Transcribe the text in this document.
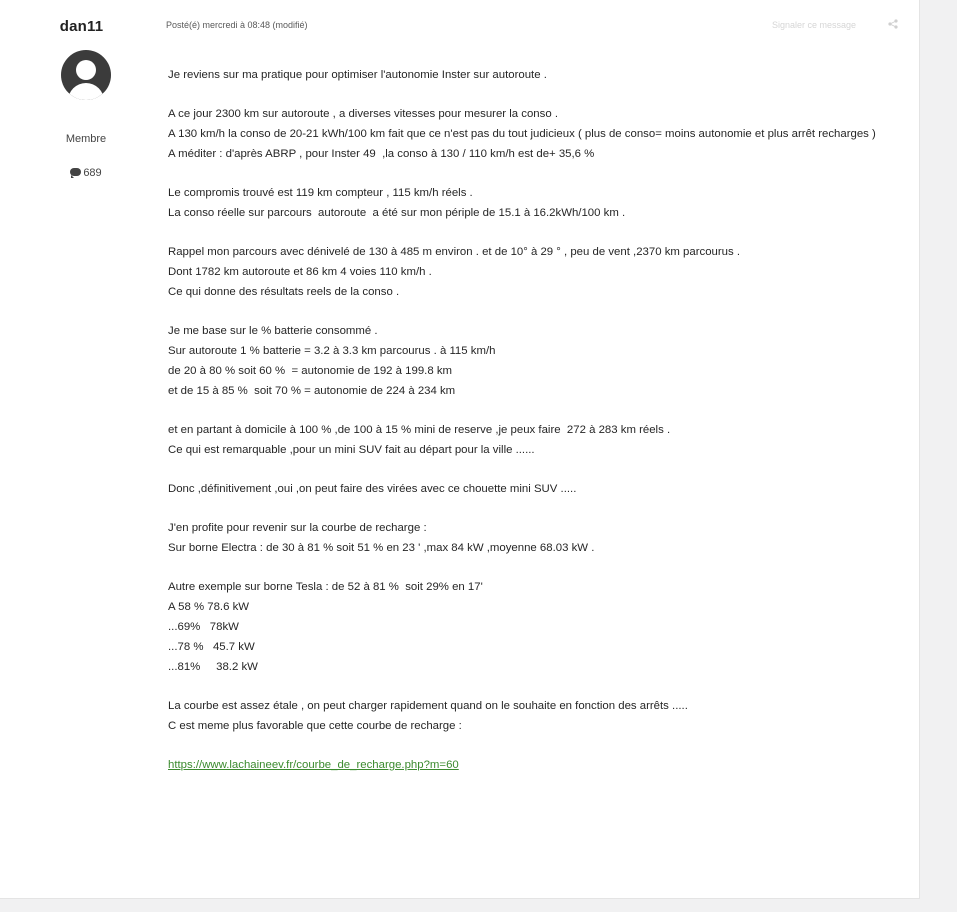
dan11
Membre
689
Posté(é) mercredi à 08:48 (modifié)	Signaler ce message

Je reviens sur ma pratique pour optimiser l'autonomie Inster sur autoroute .

A ce jour 2300 km sur autoroute , a diverses vitesses pour mesurer la conso .

A 130 km/h la conso de 20-21 kWh/100 km fait que ce n'est pas du tout judicieux ( plus de conso= moins autonomie et plus arrêt recharges )

A méditer : d'après ABRP , pour Inster 49  ,la conso à 130 / 110 km/h est de+ 35,6 %

Le compromis trouvé est 119 km compteur , 115 km/h réels .

La conso réelle sur parcours  autoroute  a été sur mon périple de 15.1 à 16.2kWh/100 km .

Rappel mon parcours avec dénivelé de 130 à 485 m environ . et de 10° à 29 ° , peu de vent ,2370 km parcourus .

Dont 1782 km autoroute et 86 km 4 voies 110 km/h .

Ce qui donne des résultats reels de la conso .

Je me base sur le % batterie consommé .

Sur autoroute 1 % batterie = 3.2 à 3.3 km parcourus . à 115 km/h

de 20 à 80 % soit 60 %  = autonomie de 192 à 199.8 km

et de 15 à 85 %  soit 70 % = autonomie de 224 à 234 km

et en partant à domicile à 100 % ,de 100 à 15 % mini de reserve ,je peux faire  272 à 283 km réels .

Ce qui est remarquable ,pour un mini SUV fait au départ pour la ville ......

Donc ,définitivement ,oui ,on peut faire des virées avec ce chouette mini SUV .....

J'en profite pour revenir sur la courbe de recharge :

Sur borne Electra : de 30 à 81 % soit 51 % en 23 ' ,max 84 kW ,moyenne 68.03 kW .

Autre exemple sur borne Tesla : de 52 à 81 %  soit 29% en 17'

A 58 % 78.6 kW

...69%   78kW

...78 %   45.7 kW

...81%     38.2 kW

La courbe est assez étale , on peut charger rapidement quand on le souhaite en fonction des arrêts .....

C est meme plus favorable que cette courbe de recharge :

https://www.lachaineev.fr/courbe_de_recharge.php?m=60
